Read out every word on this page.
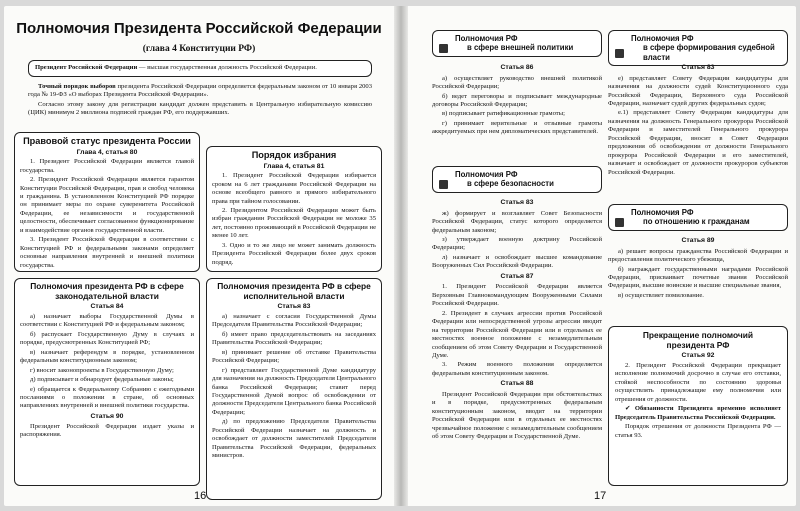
Полномочия Президента Российской Федерации
(глава 4 Конституции РФ)
Президент Российской Федерации — высшая государственная должность Российской Федерации.
Точный порядок выборов президента Российской Федерации определяется федеральным законом от 10 января 2003 года № 19-ФЗ «О выборах Президента Российской Федерации».
Согласно этому закону для регистрации кандидат должен представить в Центральную избирательную комиссию (ЦИК) минимум 2 миллиона подписей граждан РФ, его поддержавших.
Правовой статус президента России
Глава 4, статья 80
1. Президент Российской Федерации является главой государства.
2. Президент Российской Федерации является гарантом Конституции Российской Федерации, прав и свобод человека и гражданина. В установленном Конституцией РФ порядке он принимает меры по охране суверенитета Российской Федерации, ее независимости и государственной целостности, обеспечивает согласованное функционирование и взаимодействие органов государственной власти.
3. Президент Российской Федерации в соответствии с Конституцией РФ и федеральными законами определяет основные направления внутренней и внешней политики государства.
Порядок избрания
Глава 4, статья 81
1. Президент Российской Федерации избирается сроком на 6 лет гражданами Российской Федерации на основе всеобщего равного и прямого избирательного права при тайном голосовании.
2. Президентом Российской Федерации может быть избран гражданин Российской Федерации не моложе 35 лет, постоянно проживающий в Российской Федерации не менее 10 лет.
3. Одно и то же лицо не может занимать должность Президента Российской Федерации более двух сроков подряд.
Полномочия президента РФ в сфере законодательной власти
Статья 84
а) назначает выборы Государственной Думы в соответствии с Конституцией РФ и федеральным законом;
б) распускает Государственную Думу в случаях и порядке, предусмотренных Конституцией РФ;
в) назначает референдум в порядке, установленном федеральным конституционным законом;
г) вносит законопроекты в Государственную Думу;
д) подписывает и обнародует федеральные законы;
е) обращается к Федеральному Собранию с ежегодными посланиями о положении в стране, об основных направлениях внутренней и внешней политики государства.
Статья 90
Президент Российской Федерации издает указы и распоряжения.
Полномочия президента РФ в сфере исполнительной власти
Статья 83
а) назначает с согласия Государственной Думы Председателя Правительства Российской Федерации;
б) имеет право председательствовать на заседаниях Правительства Российской Федерации;
в) принимает решение об отставке Правительства Российской Федерации;
г) представляет Государственной Думе кандидатуру для назначения на должность Председателя Центрального банка Российской Федерации; ставит перед Государственной Думой вопрос об освобождении от должности Председателя Центрального банка Российской Федерации;
д) по предложению Председателя Правительства Российской Федерации назначает на должность и освобождает от должности заместителей Председателя Правительства Российской Федерации, федеральных министров.
16
Полномочия РФ
в сфере внешней политики
Статья 86
а) осуществляет руководство внешней политикой Российской Федерации;
б) ведет переговоры и подписывает международные договоры Российской Федерации;
в) подписывает ратификационные грамоты;
г) принимает верительные и отзывные грамоты аккредитуемых при нем дипломатических представителей.
Полномочия РФ
в сфере формирования судебной власти
Статья 83
е) представляет Совету Федерации кандидатуры для назначения на должности судей Конституционного суда Российской Федерации, Верховного суда Российской Федерации, назначает судей других федеральных судов;
е.1) представляет Совету Федерации кандидатуры для назначения на должность Генерального прокурора Российской Федерации и заместителей Генерального прокурора Российской Федерации, вносит в Совет Федерации предложения об освобождении от должности Генерального прокурора Российской Федерации и его заместителей, назначает и освобождает от должности прокуроров субъектов Российской Федерации.
Полномочия РФ
в сфере безопасности
Статья 83
ж) формирует и возглавляет Совет Безопасности Российской Федерации, статус которого определяется федеральным законом;
з) утверждает военную доктрину Российской Федерации;
л) назначает и освобождает высшее командование Вооруженных Сил Российской Федерации.
Статья 87
1. Президент Российской Федерации является Верховным Главнокомандующим Вооруженными Силами Российской Федерации.
2. Президент в случаях агрессии против Российской Федерации или непосредственной угрозы агрессии вводит на территории Российской Федерации или в отдельных ее местностях военное положение с незамедлительным сообщением об этом Совету Федерации и Государственной Думе.
3. Режим военного положения определяется федеральным конституционным законом.
Статья 88
Президент Российской Федерации при обстоятельствах и в порядке, предусмотренных федеральным конституционным законом, вводит на территории Российской Федерации или в отдельных ее местностях чрезвычайное положение с незамедлительным сообщением об этом Совету Федерации и Государственной Думе.
Полномочия РФ
по отношению к гражданам
Статья 89
а) решает вопросы гражданства Российской Федерации и предоставления политического убежища,
б) награждает государственными наградами Российской Федерации, присваивает почетные звания Российской Федерации, высшие воинские и высшие специальные звания,
в) осуществляет помилование.
Прекращение полномочий
президента РФ
Статья 92
2. Президент Российской Федерации прекращает исполнение полномочий досрочно в случае его отставки, стойкой неспособности по состоянию здоровья осуществлять принадлежащие ему полномочия или отрешения от должности.
✔ Обязанности Президента временно исполняет Председатель Правительства Российской Федерации.
Порядок отрешения от должности Президента РФ — статья 93.
17
